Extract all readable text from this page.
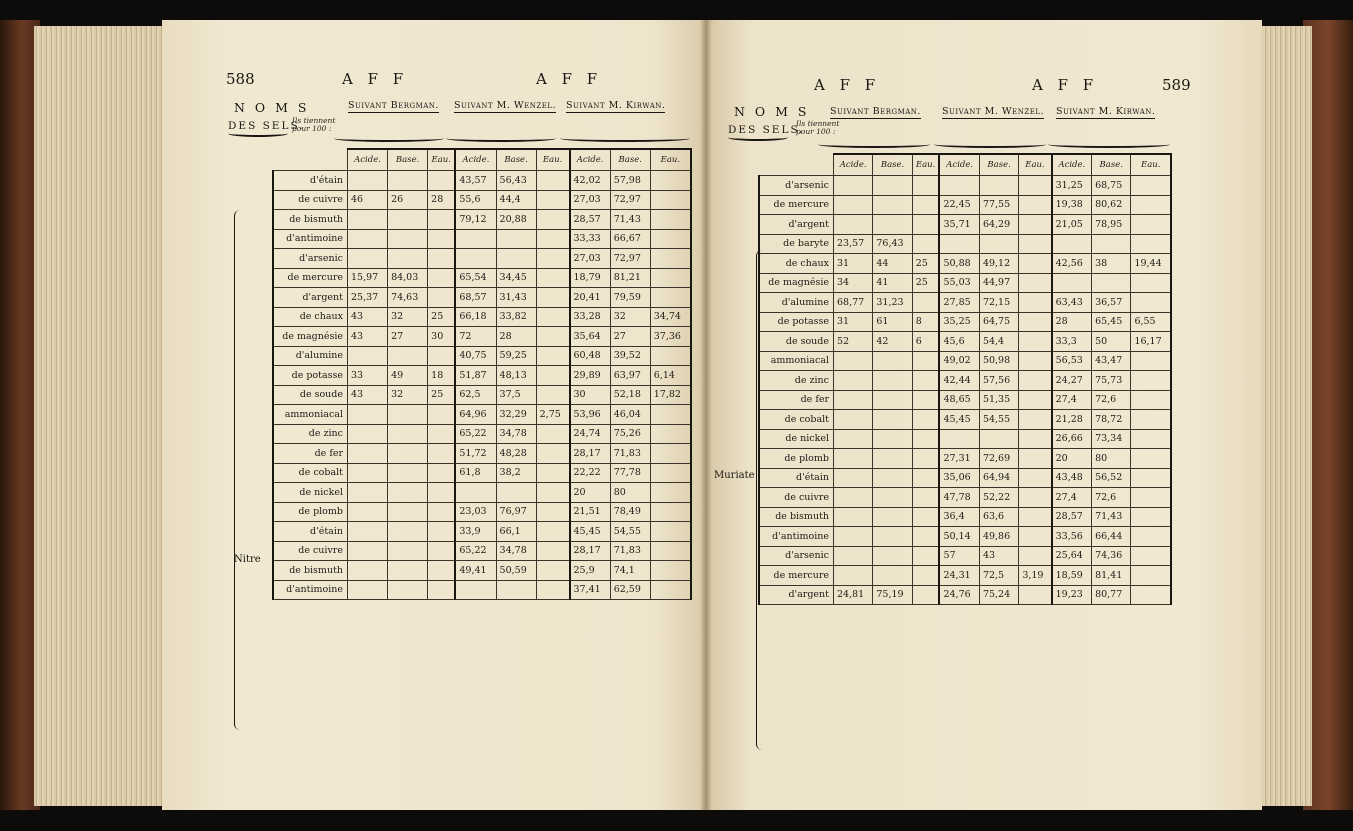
588	A F F	A F F
N O M S
DES SELS.
Ils tiennent pour 100 :
Suivant Bergman. Suivant M. Wenzel. Suivant M. Kirwan.
Nitre
	Acide.	Base.	Eau.	Acide.	Base.	Eau.	Acide.	Base.	Eau.
d'étain				43,57	56,43		42,02	57,98	
de cuivre	46	26	28	55,6	44,4		27,03	72,97	
de bismuth				79,12	20,88		28,57	71,43	
d'antimoine							33,33	66,67	
d'arsenic							27,03	72,97	
de mercure	15,97	84,03		65,54	34,45		18,79	81,21	
d'argent	25,37	74,63		68,57	31,43		20,41	79,59	
de chaux	43	32	25	66,18	33,82		33,28	32	34,74
de magnésie	43	27	30	72	28		35,64	27	37,36
d'alumine				40,75	59,25		60,48	39,52	
de potasse	33	49	18	51,87	48,13		29,89	63,97	6,14
de soude	43	32	25	62,5	37,5		30	52,18	17,82
ammoniacal				64,96	32,29	2,75	53,96	46,04	
de zinc				65,22	34,78		24,74	75,26	
de fer				51,72	48,28		28,17	71,83	
de cobalt				61,8	38,2		22,22	77,78	
de nickel							20	80	
de plomb				23,03	76,97		21,51	78,49	
d'étain				33,9	66,1		45,45	54,55	
de cuivre				65,22	34,78		28,17	71,83	
de bismuth				49,41	50,59		25,9	74,1	
d'antimoine							37,41	62,59	
A F F	A F F	589
N O M S
DES SELS.
Ils tiennent pour 100 :
Suivant Bergman. Suivant M. Wenzel. Suivant M. Kirwan.
Muriate
	Acide.	Base.	Eau.	Acide.	Base.	Eau.	Acide.	Base.	Eau.
d'arsenic							31,25	68,75	
de mercure				22,45	77,55		19,38	80,62	
d'argent				35,71	64,29		21,05	78,95	
de baryte	23,57	76,43							
de chaux	31	44	25	50,88	49,12		42,56	38	19,44
de magnésie	34	41	25	55,03	44,97				
d'alumine	68,77	31,23		27,85	72,15		63,43	36,57	
de potasse	31	61	8	35,25	64,75		28	65,45	6,55
de soude	52	42	6	45,6	54,4		33,3	50	16,17
ammoniacal				49,02	50,98		56,53	43,47	
de zinc				42,44	57,56		24,27	75,73	
de fer				48,65	51,35		27,4	72,6	
de cobalt				45,45	54,55		21,28	78,72	
de nickel							26,66	73,34	
de plomb				27,31	72,69		20	80	
d'étain				35,06	64,94		43,48	56,52	
de cuivre				47,78	52,22		27,4	72,6	
de bismuth				36,4	63,6		28,57	71,43	
d'antimoine				50,14	49,86		33,56	66,44	
d'arsenic				57	43		25,64	74,36	
de mercure				24,31	72,5	3,19	18,59	81,41	
d'argent	24,81	75,19		24,76	75,24		19,23	80,77	
